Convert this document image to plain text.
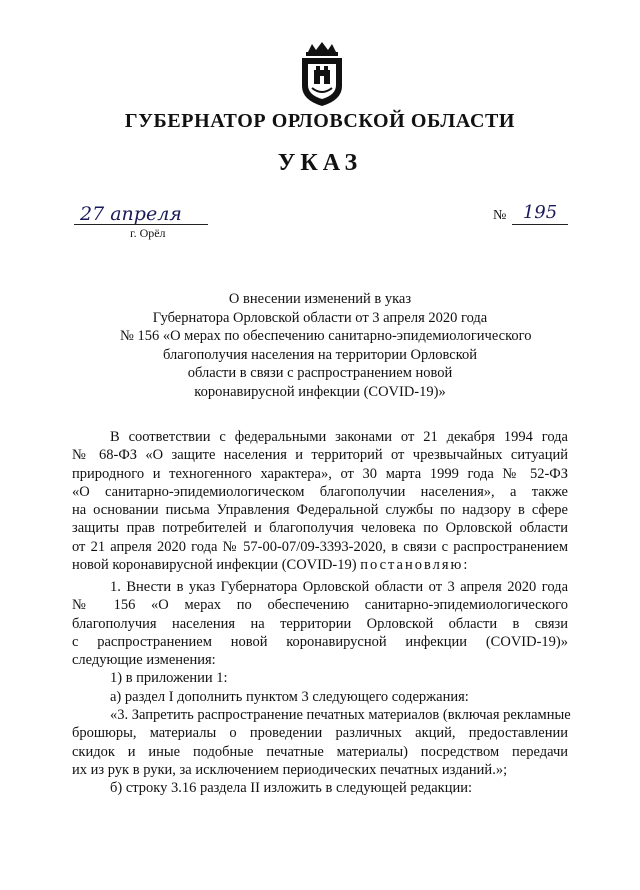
ГУБЕРНАТОР ОРЛОВСКОЙ ОБЛАСТИ
УКАЗ
27 апреля
г. Орёл
№ 195
О внесении изменений в указ
Губернатора Орловской области от 3 апреля 2020 года
№ 156 «О мерах по обеспечению санитарно-эпидемиологического
благополучия населения на территории Орловской
области в связи с распространением новой
коронавирусной инфекции (COVID-19)»
В соответствии с федеральными законами от 21 декабря 1994 года
№ 68-ФЗ «О защите населения и территорий от чрезвычайных ситуаций
природного и техногенного характера», от 30 марта 1999 года № 52-ФЗ
«О санитарно-эпидемиологическом благополучии населения», а также
на основании письма Управления Федеральной службы по надзору в сфере
защиты прав потребителей и благополучия человека по Орловской области
от 21 апреля 2020 года № 57-00-07/09-3393-2020, в связи с распространением
новой коронавирусной инфекции (COVID-19) постановляю:
1. Внести в указ Губернатора Орловской области от 3 апреля 2020 года
№ 156 «О мерах по обеспечению санитарно-эпидемиологического
благополучия населения на территории Орловской области в связи
с распространением новой коронавирусной инфекции (COVID-19)»
следующие изменения:
1) в приложении 1:
а) раздел I дополнить пунктом 3 следующего содержания:
«3. Запретить распространение печатных материалов (включая рекламные
брошюры, материалы о проведении различных акций, предоставлении
скидок и иные подобные печатные материалы) посредством передачи
их из рук в руки, за исключением периодических печатных изданий.»;
б) строку 3.16 раздела II изложить в следующей редакции:
